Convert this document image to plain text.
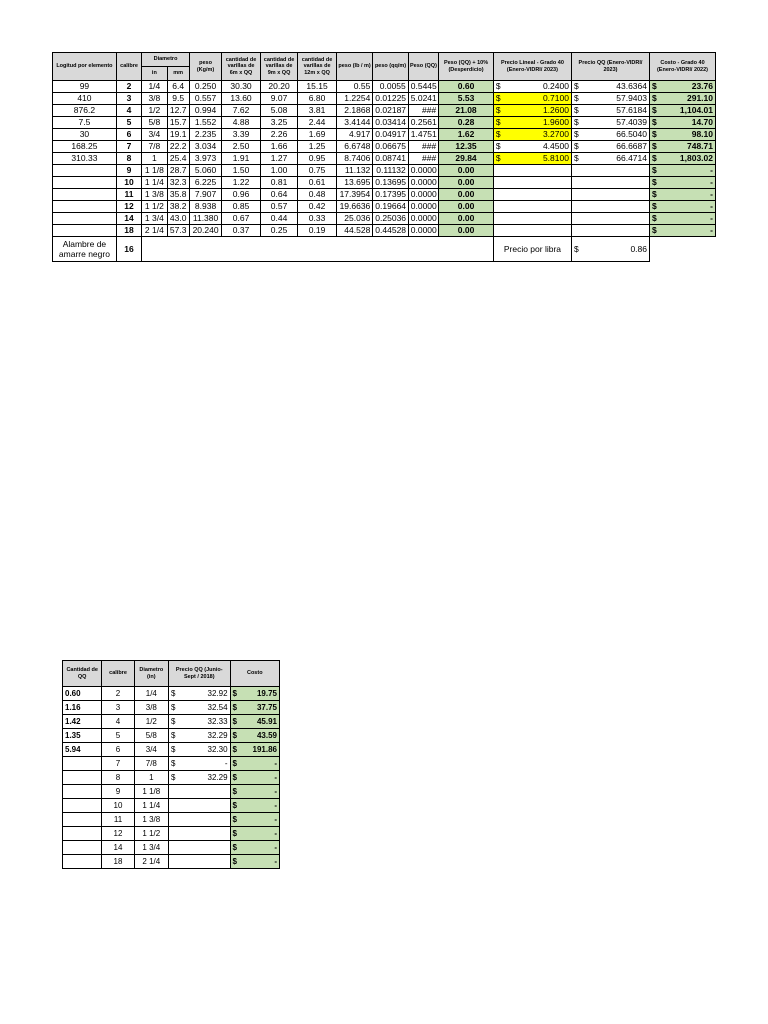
Logitud por elemento	calibre	Diametro		peso (Kg/m)	cantidad de varillas de 6m x QQ	cantidad de varillas de 9m x QQ	cantidad de varillas de 12m x QQ	peso (lb / m)	peso (qq/m)	Peso (QQ)	Peso (QQ) + 10% (Desperdicio)	Precio Lineal - Grado 40 (Enero-VIDRI/ 2023)	Precio QQ (Enero-VIDRI/ 2023)	Costo - Grado 40 (Enero-VIDRI/ 2022)
		in	mm											
99	2	1/4	6.4	0.250	30.30	20.20	15.15	0.55	0.0055	0.5445	0.60	$ 0.2400	$ 43.6364	$ 23.76

410	3	3/8	9.5	0.557	13.60	9.07	6.80	1.2254	0.01225	5.0241	5.53	$ 0.7100	$ 57.9403	$ 291.10

876.2	4	1/2	12.7	0.994	7.62	5.08	3.81	2.1868	0.02187	###	21.08	$ 1.2600	$ 57.6184	$ 1,104.01

7.5	5	5/8	15.7	1.552	4.88	3.25	2.44	3.4144	0.03414	0.2561	0.28	$ 1.9600	$ 57.4039	$ 14.70

30	6	3/4	19.1	2.235	3.39	2.26	1.69	4.917	0.04917	1.4751	1.62	$ 3.2700	$ 66.5040	$ 98.10

168.25	7	7/8	22.2	3.034	2.50	1.66	1.25	6.6748	0.06675	###	12.35	$ 4.4500	$ 66.6687	$ 748.71

310.33	8	1	25.4	3.973	1.91	1.27	0.95	8.7406	0.08741	###	29.84	$ 5.8100	$ 66.4714	$ 1,803.02

	9	1 1/8	28.7	5.060	1.50	1.00	0.75	11.132	0.11132	0.0000	0.00			$ -

	10	1 1/4	32.3	6.225	1.22	0.81	0.61	13.695	0.13695	0.0000	0.00			$ -

	11	1 3/8	35.8	7.907	0.96	0.64	0.48	17.3954	0.17395	0.0000	0.00			$ -

	12	1 1/2	38.2	8.938	0.85	0.57	0.42	19.6636	0.19664	0.0000	0.00			$ -

	14	1 3/4	43.0	11.380	0.67	0.44	0.33	25.036	0.25036	0.0000	0.00			$ -

	18	2 1/4	57.3	20.240	0.37	0.25	0.19	44.528	0.44528	0.0000	0.00			$ -

Alambre de amarre negro	16											Precio por libra	$ 0.86	

Cantidad de QQ	calibre	Diametro (in)	Precio QQ (Junio-Sept / 2018)	Costo
0.60	2	1/4	$ 32.92	$ 19.75

1.16	3	3/8	$ 32.54	$ 37.75

1.42	4	1/2	$ 32.33	$ 45.91

1.35	5	5/8	$ 32.29	$ 43.59

5.94	6	3/4	$ 32.30	$ 191.86

	7	7/8	$ -	$ -

	8	1	$ 32.29	$ -

	9	1 1/8		$ -

	10	1 1/4		$ -

	11	1 3/8		$ -

	12	1 1/2		$ -

	14	1 3/4		$ -

	18	2 1/4		$ -
